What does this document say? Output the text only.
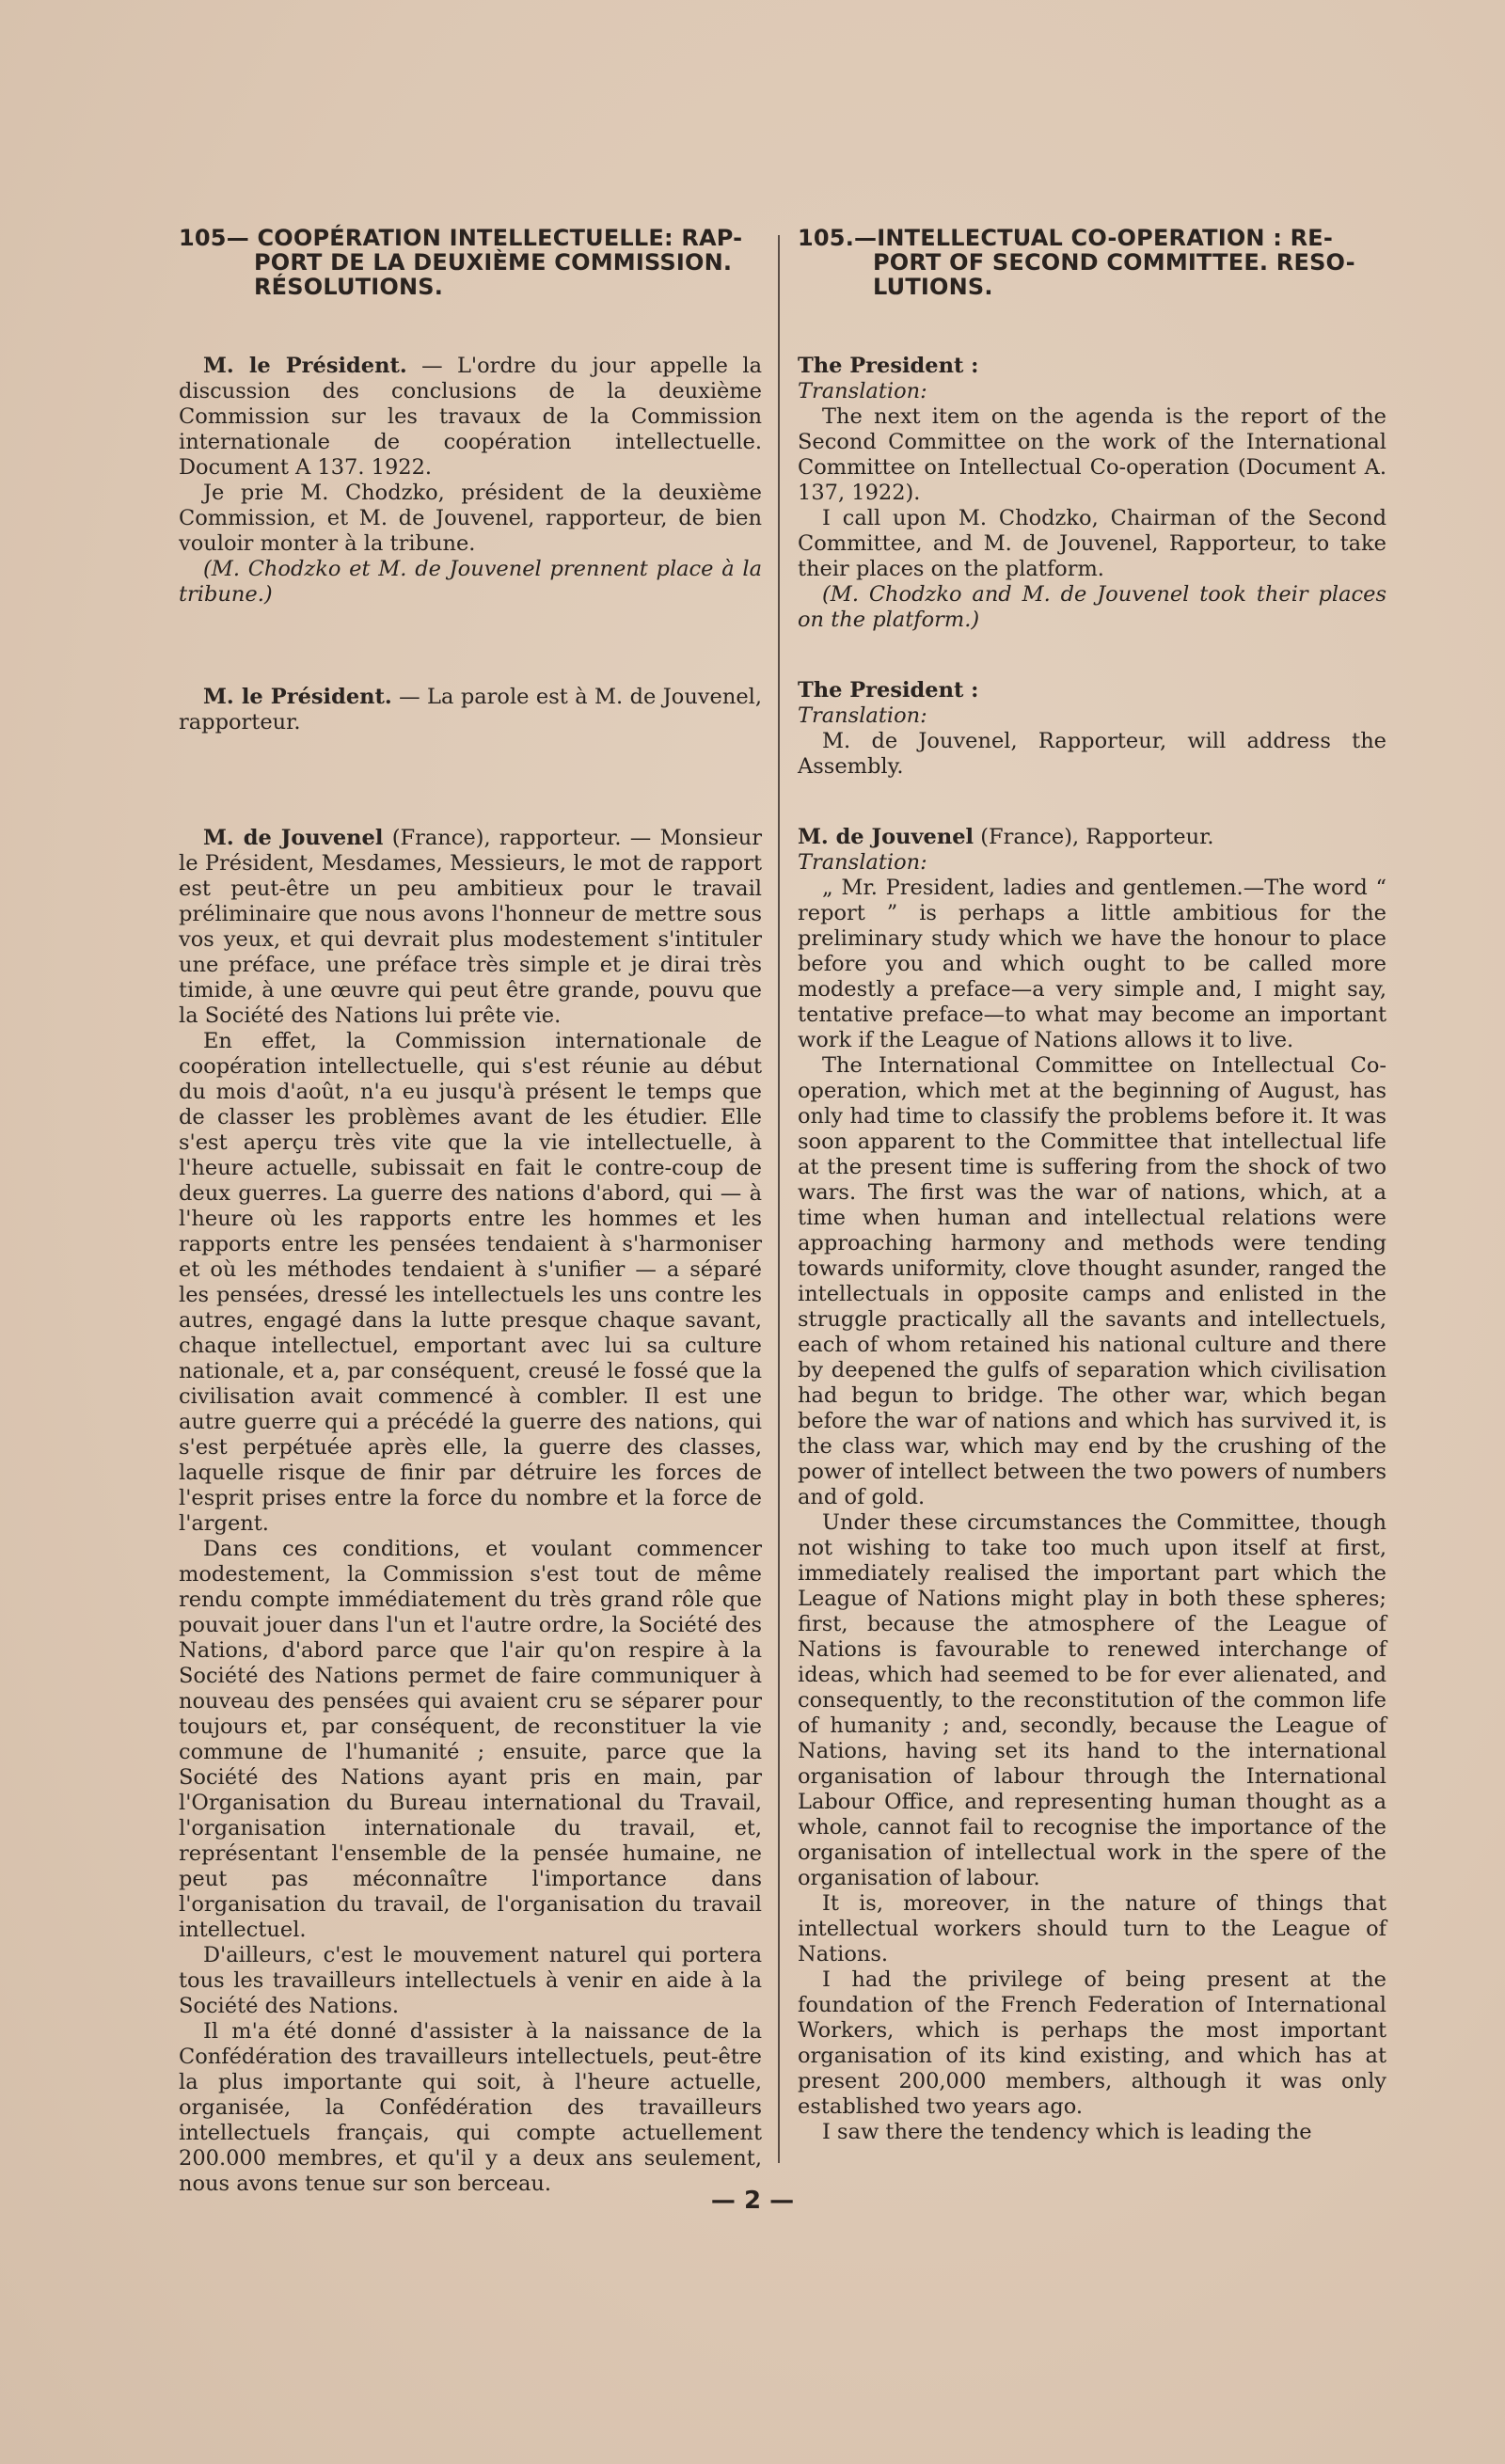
105— COOPÉRATION INTELLECTUELLE: RAP-
PORT DE LA DEUXIÈME COMMISSION.
RÉSOLUTIONS.

M. le Président. — L'ordre du jour appelle la discussion des conclusions de la deuxième Commission sur les travaux de la Commission internationale de coopération intellectuelle. Document A 137. 1922.

Je prie M. Chodzko, président de la deuxième Commission, et M. de Jouvenel, rapporteur, de bien vouloir monter à la tribune.

(M. Chodzko et M. de Jouvenel prennent place à la tribune.)

M. le Président. — La parole est à M. de Jouvenel, rapporteur.

M. de Jouvenel (France), rapporteur. — Monsieur le Président, Mesdames, Messieurs, le mot de rapport est peut-être un peu ambitieux pour le travail préliminaire que nous avons l'honneur de mettre sous vos yeux, et qui devrait plus modestement s'intituler une préface, une préface très simple et je dirai très timide, à une œuvre qui peut être grande, pouvu que la Société des Nations lui prête vie.

En effet, la Commission internationale de coopération intellectuelle, qui s'est réunie au début du mois d'août, n'a eu jusqu'à présent le temps que de classer les problèmes avant de les étudier. Elle s'est aperçu très vite que la vie intellectuelle, à l'heure actuelle, subissait en fait le contre-coup de deux guerres. La guerre des nations d'abord, qui — à l'heure où les rapports entre les hommes et les rapports entre les pensées tendaient à s'harmoniser et où les méthodes tendaient à s'unifier — a séparé les pensées, dressé les intellectuels les uns contre les autres, engagé dans la lutte presque chaque savant, chaque intellectuel, emportant avec lui sa culture nationale, et a, par conséquent, creusé le fossé que la civilisation avait commencé à combler. Il est une autre guerre qui a précédé la guerre des nations, qui s'est perpétuée après elle, la guerre des classes, laquelle risque de finir par détruire les forces de l'esprit prises entre la force du nombre et la force de l'argent.

Dans ces conditions, et voulant commencer modestement, la Commission s'est tout de même rendu compte immédiatement du très grand rôle que pouvait jouer dans l'un et l'autre ordre, la Société des Nations, d'abord parce que l'air qu'on respire à la Société des Nations permet de faire communiquer à nouveau des pensées qui avaient cru se séparer pour toujours et, par conséquent, de reconstituer la vie commune de l'humanité ; ensuite, parce que la Société des Nations ayant pris en main, par l'Organisation du Bureau international du Travail, l'organisation internationale du travail, et, représentant l'ensemble de la pensée humaine, ne peut pas méconnaître l'importance dans l'organisation du travail, de l'organisation du travail intellectuel.

D'ailleurs, c'est le mouvement naturel qui portera tous les travailleurs intellectuels à venir en aide à la Société des Nations.

Il m'a été donné d'assister à la naissance de la Confédération des travailleurs intellectuels, peut-être la plus importante qui soit, à l'heure actuelle, organisée, la Confédération des travailleurs intellectuels français, qui compte actuellement 200.000 membres, et qu'il y a deux ans seulement, nous avons tenue sur son berceau.

105.—INTELLECTUAL CO-OPERATION : RE-
PORT OF SECOND COMMITTEE. RESO-
LUTIONS.

The President :

Translation:

The next item on the agenda is the report of the Second Committee on the work of the International Committee on Intellectual Co-operation (Document A. 137, 1922).

I call upon M. Chodzko, Chairman of the Second Committee, and M. de Jouvenel, Rapporteur, to take their places on the platform.

(M. Chodzko and M. de Jouvenel took their places on the platform.)

The President :

Translation:

M. de Jouvenel, Rapporteur, will address the Assembly.

M. de Jouvenel (France), Rapporteur.

Translation:

„ Mr. President, ladies and gentlemen.—The word “ report ” is perhaps a little ambitious for the preliminary study which we have the honour to place before you and which ought to be called more modestly a preface—a very simple and, I might say, tentative preface—to what may become an important work if the League of Nations allows it to live.

The International Committee on Intellectual Co-operation, which met at the beginning of August, has only had time to classify the problems before it. It was soon apparent to the Committee that intellectual life at the present time is suffering from the shock of two wars. The first was the war of nations, which, at a time when human and intellectual relations were approaching harmony and methods were tending towards uniformity, clove thought asunder, ranged the intellectuals in opposite camps and enlisted in the struggle practically all the savants and intellectuels, each of whom retained his national culture and there by deepened the gulfs of separation which civilisation had begun to bridge. The other war, which began before the war of nations and which has survived it, is the class war, which may end by the crushing of the power of intellect between the two powers of numbers and of gold.

Under these circumstances the Committee, though not wishing to take too much upon itself at first, immediately realised the important part which the League of Nations might play in both these spheres; first, because the atmosphere of the League of Nations is favourable to renewed interchange of ideas, which had seemed to be for ever alienated, and consequently, to the reconstitution of the common life of humanity ; and, secondly, because the League of Nations, having set its hand to the international organisation of labour through the International Labour Office, and representing human thought as a whole, cannot fail to recognise the importance of the organisation of intellectual work in the spere of the organisation of labour.

It is, moreover, in the nature of things that intellectual workers should turn to the League of Nations.

I had the privilege of being present at the foundation of the French Federation of International Workers, which is perhaps the most important organisation of its kind existing, and which has at present 200,000 members, although it was only established two years ago.

I saw there the tendency which is leading the

— 2 —
